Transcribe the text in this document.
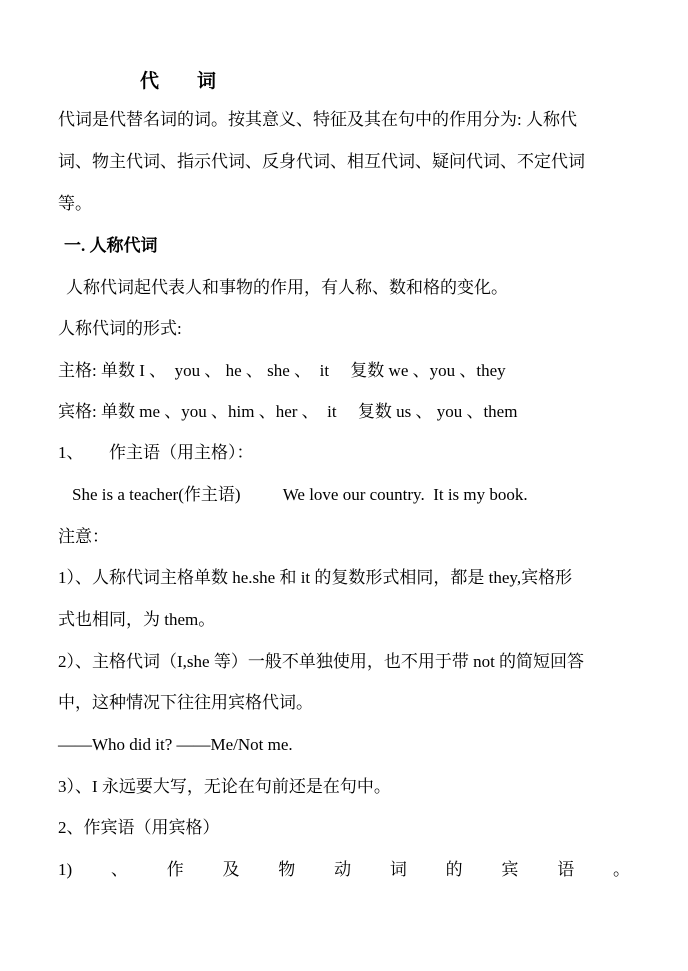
代 词
代词是代替名词的词。按其意义、特征及其在句中的作用分为: 人称代
词、物主代词、指示代词、反身代词、相互代词、疑问代词、不定代词
等。
一. 人称代词
人称代词起代表人和事物的作用，有人称、数和格的变化。
人称代词的形式:
主格: 单数 I 、  you 、 he 、 she 、  it     复数 we 、you 、they
宾格: 单数 me 、you 、him 、her 、  it     复数 us 、 you 、them
1、      作主语（用主格）：
She is a teacher(作主语)          We love our country.  It is my book.
注意：
1）、人称代词主格单数 he.she 和 it 的复数形式相同，都是 they,宾格形
式也相同，为 them。
2）、主格代词（I,she 等）一般不单独使用，也不用于带 not 的简短回答
中，这种情况下往往用宾格代词。
——Who did it? ——Me/Not me.
3）、I 永远要大写，无论在句前还是在句中。
2、作宾语（用宾格）
1) 、 作 及 物 动 词 的 宾 语 。
